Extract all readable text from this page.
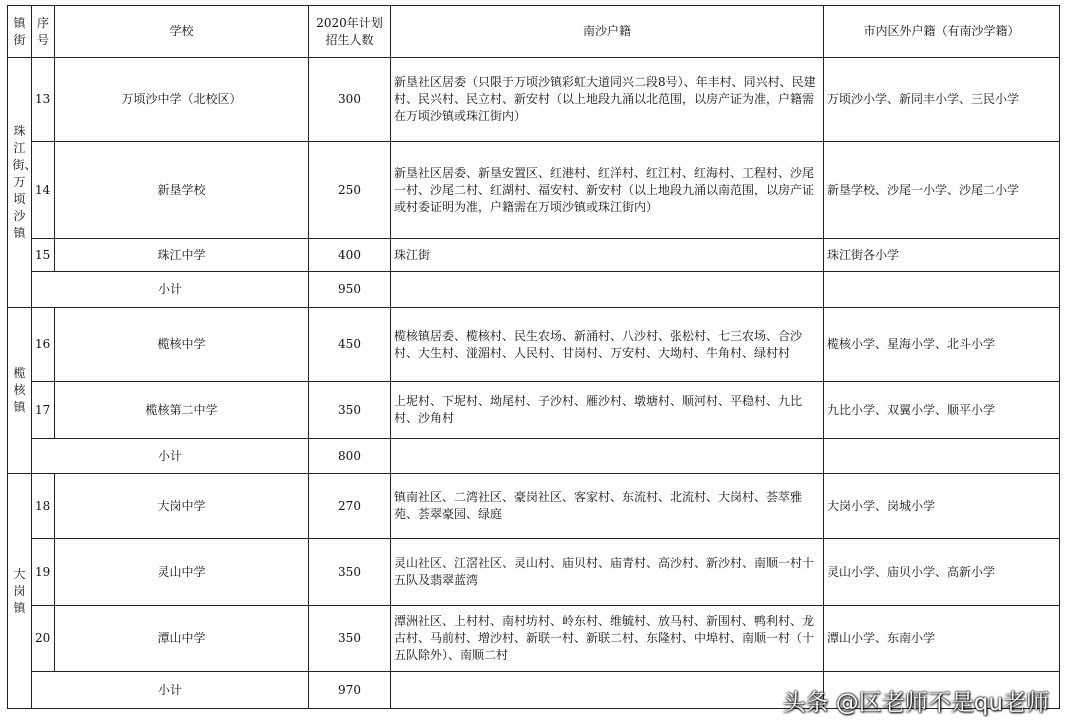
镇街	序号	学校	2020年计划招生人数	南沙户籍	市内区外户籍（有南沙学籍）

珠江街、万顷沙镇	13	万顷沙中学（北校区）	300	新垦社区居委（只限于万顷沙镇彩虹大道同兴二段8号）、年丰村、同兴村、民建村、民兴村、民立村、新安村（以上地段九涌以北范围，以房产证为准，户籍需在万顷沙镇或珠江街内）	万顷沙小学、新同丰小学、三民小学
	14	新垦学校	250	新垦社区居委、新垦安置区、红港村、红洋村、红江村、红海村、工程村、沙尾一村、沙尾二村、红湖村、福安村、新安村（以上地段九涌以南范围，以房产证或村委证明为准，户籍需在万顷沙镇或珠江街内）	新垦学校、沙尾一小学、沙尾二小学
	15	珠江中学	400	珠江街	珠江街各小学
	小计		950		

榄核镇	16	榄核中学	450	榄核镇居委、榄核村、民生农场、新涌村、八沙村、张松村、七三农场、合沙村、大生村、湴湄村、人民村、甘岗村、万安村、大坳村、牛角村、绿村村	榄核小学、星海小学、北斗小学
	17	榄核第二中学	350	上坭村、下坭村、坳尾村、子沙村、雁沙村、墩塘村、顺河村、平稳村、九比村、沙角村	九比小学、双翼小学、顺平小学
	小计		800		

大岗镇	18	大岗中学	270	镇南社区、二湾社区、豪岗社区、客家村、东流村、北流村、大岗村、荟萃雅苑、荟翠豪园、绿庭	大岗小学、岗城小学
	19	灵山中学	350	灵山社区、江滘社区、灵山村、庙贝村、庙青村、高沙村、新沙村、南顺一村十五队及翡翠蓝湾	灵山小学、庙贝小学、高新小学
	20	潭山中学	350	潭洲社区、上村村、南村坊村、岭东村、维毓村、放马村、新围村、鸭利村、龙古村、马前村、增沙村、新联一村、新联二村、东隆村、中埠村、南顺一村（十五队除外）、南顺二村	潭山小学、东南小学
	小计		970		
头条 @区老师不是qu老师
